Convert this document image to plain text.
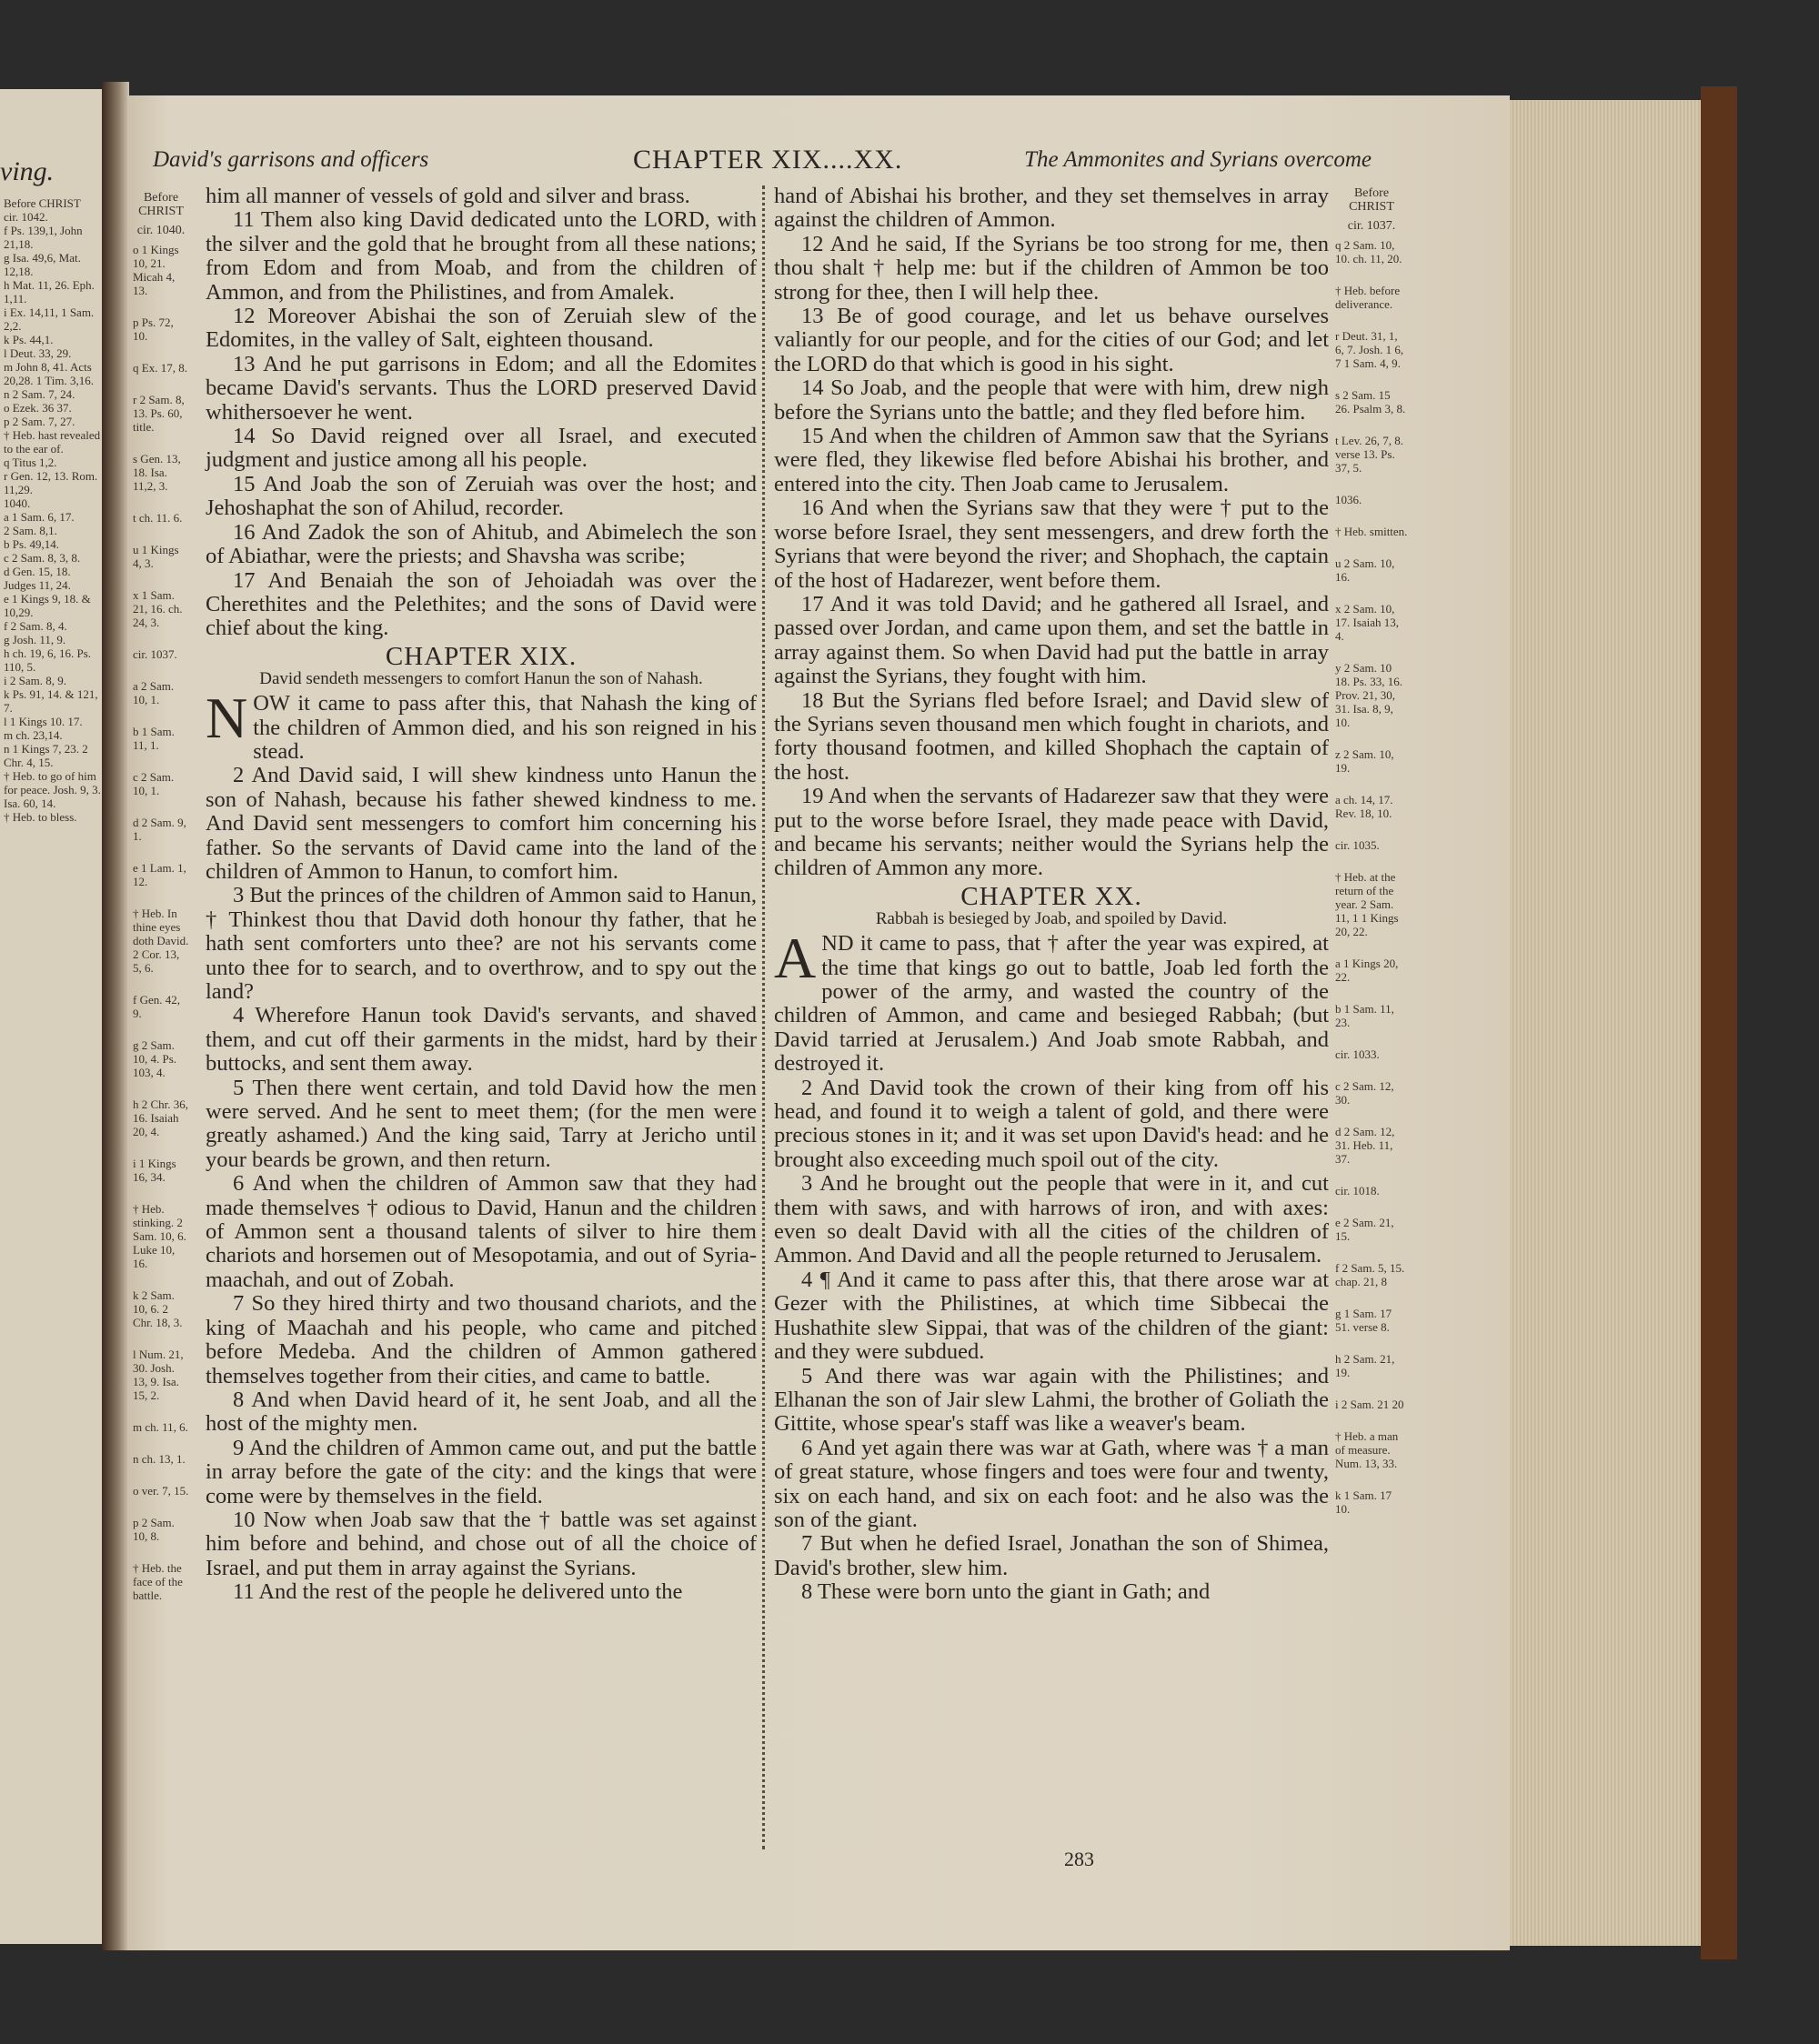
ving.
Before CHRIST
cir. 1042.
f Ps. 139,1, John 21,18.
g Isa. 49,6, Mat. 12,18.
h Mat. 11, 26. Eph. 1,11.
i Ex. 14,11, 1 Sam. 2,2.
k Ps. 44,1.
l Deut. 33, 29.
m John 8, 41. Acts 20,28. 1 Tim. 3,16.
n 2 Sam. 7, 24.
o Ezek. 36 37.
p 2 Sam. 7, 27.
† Heb. hast revealed to the ear of.
q Titus 1,2.
r Gen. 12, 13. Rom. 11,29.
1040.
a 1 Sam. 6, 17.
2 Sam. 8,1.
b Ps. 49,14.
c 2 Sam. 8, 3, 8.
d Gen. 15, 18. Judges 11, 24.
e 1 Kings 9, 18. & 10,29.
f 2 Sam. 8, 4.
g Josh. 11, 9.
h ch. 19, 6, 16. Ps. 110, 5.
i 2 Sam. 8, 9.
k Ps. 91, 14. & 121, 7.
l 1 Kings 10. 17.
m ch. 23,14.
n 1 Kings 7, 23. 2 Chr. 4, 15.
† Heb. to go of him for peace. Josh. 9, 3. Isa. 60, 14.
† Heb. to bless.
David's garrisons and officers	CHAPTER XIX....XX.	The Ammonites and Syrians overcome
Before CHRIST
cir. 1040.
o 1 Kings 10, 21. Micah 4, 13.
p Ps. 72, 10.
q Ex. 17, 8.
r 2 Sam. 8, 13. Ps. 60, title.
s Gen. 13, 18. Isa. 11,2, 3.
t ch. 11. 6.
u 1 Kings 4, 3.
x 1 Sam. 21, 16. ch. 24, 3.
cir. 1037.
a 2 Sam. 10, 1.
b 1 Sam. 11, 1.
c 2 Sam. 10, 1.
d 2 Sam. 9, 1.
e 1 Lam. 1, 12.
† Heb. In thine eyes doth David. 2 Cor. 13, 5, 6.
f Gen. 42, 9.
g 2 Sam. 10, 4. Ps. 103, 4.
h 2 Chr. 36, 16. Isaiah 20, 4.
i 1 Kings 16, 34.
† Heb. stinking. 2 Sam. 10, 6. Luke 10, 16.
k 2 Sam. 10, 6. 2 Chr. 18, 3.
l Num. 21, 30. Josh. 13, 9. Isa. 15, 2.
m ch. 11, 6.
n ch. 13, 1.
o ver. 7, 15.
p 2 Sam. 10, 8.
† Heb. the face of the battle.

him all manner of vessels of gold and silver and brass.

11 Them also king David dedicated unto the LORD, with the silver and the gold that he brought from all these nations; from Edom and from Moab, and from the children of Ammon, and from the Philistines, and from Amalek.

12 Moreover Abishai the son of Zeruiah slew of the Edomites, in the valley of Salt, eighteen thousand.

13 And he put garrisons in Edom; and all the Edomites became David's servants. Thus the LORD preserved David whithersoever he went.

14 So David reigned over all Israel, and executed judgment and justice among all his people.

15 And Joab the son of Zeruiah was over the host; and Jehoshaphat the son of Ahilud, recorder.

16 And Zadok the son of Ahitub, and Abimelech the son of Abiathar, were the priests; and Shavsha was scribe;

17 And Benaiah the son of Jehoiadah was over the Cherethites and the Pelethites; and the sons of David were chief about the king.

CHAPTER XIX.
David sendeth messengers to comfort Hanun the son of Nahash.

NOW it came to pass after this, that Nahash the king of the children of Ammon died, and his son reigned in his stead.

2 And David said, I will shew kindness unto Hanun the son of Nahash, because his father shewed kindness to me. And David sent messengers to comfort him concerning his father. So the servants of David came into the land of the children of Ammon to Hanun, to comfort him.

3 But the princes of the children of Ammon said to Hanun, † Thinkest thou that David doth honour thy father, that he hath sent comforters unto thee? are not his servants come unto thee for to search, and to overthrow, and to spy out the land?

4 Wherefore Hanun took David's servants, and shaved them, and cut off their garments in the midst, hard by their buttocks, and sent them away.

5 Then there went certain, and told David how the men were served. And he sent to meet them; (for the men were greatly ashamed.) And the king said, Tarry at Jericho until your beards be grown, and then return.

6 And when the children of Ammon saw that they had made themselves † odious to David, Hanun and the children of Ammon sent a thousand talents of silver to hire them chariots and horsemen out of Mesopotamia, and out of Syria-maachah, and out of Zobah.

7 So they hired thirty and two thousand chariots, and the king of Maachah and his people, who came and pitched before Medeba. And the children of Ammon gathered themselves together from their cities, and came to battle.

8 And when David heard of it, he sent Joab, and all the host of the mighty men.

9 And the children of Ammon came out, and put the battle in array before the gate of the city: and the kings that were come were by themselves in the field.

10 Now when Joab saw that the † battle was set against him before and behind, and chose out of all the choice of Israel, and put them in array against the Syrians.

11 And the rest of the people he delivered unto the

hand of Abishai his brother, and they set themselves in array against the children of Ammon.

12 And he said, If the Syrians be too strong for me, then thou shalt † help me: but if the children of Ammon be too strong for thee, then I will help thee.

13 Be of good courage, and let us behave ourselves valiantly for our people, and for the cities of our God; and let the LORD do that which is good in his sight.

14 So Joab, and the people that were with him, drew nigh before the Syrians unto the battle; and they fled before him.

15 And when the children of Ammon saw that the Syrians were fled, they likewise fled before Abishai his brother, and entered into the city. Then Joab came to Jerusalem.

16 And when the Syrians saw that they were † put to the worse before Israel, they sent messengers, and drew forth the Syrians that were beyond the river; and Shophach, the captain of the host of Hadarezer, went before them.

17 And it was told David; and he gathered all Israel, and passed over Jordan, and came upon them, and set the battle in array against them. So when David had put the battle in array against the Syrians, they fought with him.

18 But the Syrians fled before Israel; and David slew of the Syrians seven thousand men which fought in chariots, and forty thousand footmen, and killed Shophach the captain of the host.

19 And when the servants of Hadarezer saw that they were put to the worse before Israel, they made peace with David, and became his servants; neither would the Syrians help the children of Ammon any more.

CHAPTER XX.
Rabbah is besieged by Joab, and spoiled by David.

AND it came to pass, that † after the year was expired, at the time that kings go out to battle, Joab led forth the power of the army, and wasted the country of the children of Ammon, and came and besieged Rabbah; (but David tarried at Jerusalem.) And Joab smote Rabbah, and destroyed it.

2 And David took the crown of their king from off his head, and found it to weigh a talent of gold, and there were precious stones in it; and it was set upon David's head: and he brought also exceeding much spoil out of the city.

3 And he brought out the people that were in it, and cut them with saws, and with harrows of iron, and with axes: even so dealt David with all the cities of the children of Ammon. And David and all the people returned to Jerusalem.

4 ¶ And it came to pass after this, that there arose war at Gezer with the Philistines, at which time Sibbecai the Hushathite slew Sippai, that was of the children of the giant: and they were subdued.

5 And there was war again with the Philistines; and Elhanan the son of Jair slew Lahmi, the brother of Goliath the Gittite, whose spear's staff was like a weaver's beam.

6 And yet again there was war at Gath, where was † a man of great stature, whose fingers and toes were four and twenty, six on each hand, and six on each foot: and he also was the son of the giant.

7 But when he defied Israel, Jonathan the son of Shimea, David's brother, slew him.

8 These were born unto the giant in Gath; and

Before CHRIST
cir. 1037.
q 2 Sam. 10, 10. ch. 11, 20.
† Heb. before deliverance.
r Deut. 31, 1, 6, 7. Josh. 1 6, 7 1 Sam. 4, 9.
s 2 Sam. 15 26. Psalm 3, 8.
t Lev. 26, 7, 8. verse 13. Ps. 37, 5.
1036.
† Heb. smitten.
u 2 Sam. 10, 16.
x 2 Sam. 10, 17. Isaiah 13, 4.
y 2 Sam. 10 18. Ps. 33, 16. Prov. 21, 30, 31. Isa. 8, 9, 10.
z 2 Sam. 10, 19.
a ch. 14, 17. Rev. 18, 10.
cir. 1035.
† Heb. at the return of the year. 2 Sam. 11, 1 1 Kings 20, 22.
a 1 Kings 20, 22.
b 1 Sam. 11, 23.
cir. 1033.
c 2 Sam. 12, 30.
d 2 Sam. 12, 31. Heb. 11, 37.
cir. 1018.
e 2 Sam. 21, 15.
f 2 Sam. 5, 15. chap. 21, 8
g 1 Sam. 17 51. verse 8.
h 2 Sam. 21, 19.
i 2 Sam. 21 20
† Heb. a man of measure. Num. 13, 33.
k 1 Sam. 17 10.
283
